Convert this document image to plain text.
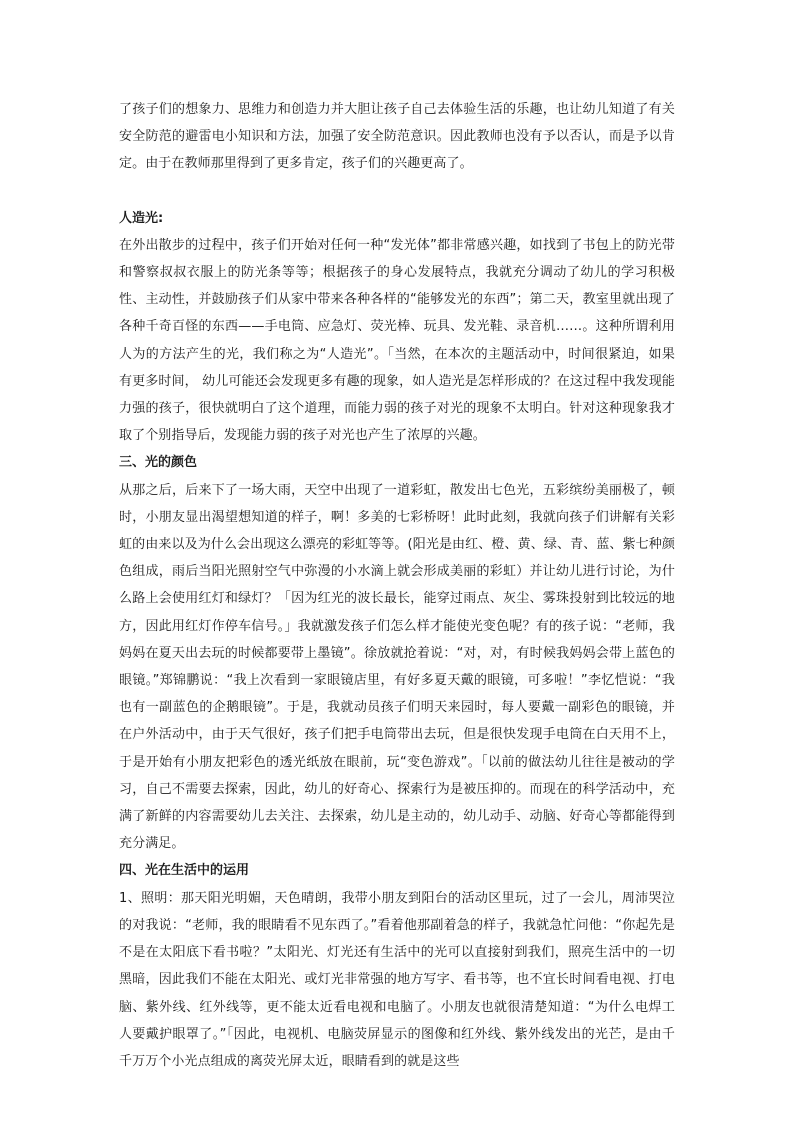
了孩子们的想象力、思维力和创造力并大胆让孩子自己去体验生活的乐趣，也让幼儿知道了有关安全防范的避雷电小知识和方法，加强了安全防范意识。因此教师也没有予以否认，而是予以肯定。由于在教师那里得到了更多肯定，孩子们的兴趣更高了。

人造光:

在外出散步的过程中，孩子们开始对任何一种“发光体”都非常感兴趣，如找到了书包上的防光带和警察叔叔衣服上的防光条等等；根据孩子的身心发展特点，我就充分调动了幼儿的学习积极性、主动性，并鼓励孩子们从家中带来各种各样的“能够发光的东西”；第二天，教室里就出现了各种千奇百怪的东西——手电筒、应急灯、荧光棒、玩具、发光鞋、录音机……。这种所谓利用人为的方法产生的光，我们称之为“人造光”。「当然，在本次的主题活动中，时间很紧迫，如果有更多时间， 幼儿可能还会发现更多有趣的现象，如人造光是怎样形成的？在这过程中我发现能力强的孩子，很快就明白了这个道理，而能力弱的孩子对光的现象不太明白。针对这种现象我才取了个别指导后，发现能力弱的孩子对光也产生了浓厚的兴趣。

三、光的颜色

从那之后，后来下了一场大雨，天空中出现了一道彩虹，散发出七色光，五彩缤纷美丽极了，顿时，小朋友显出渴望想知道的样子，啊！多美的七彩桥呀！此时此刻，我就向孩子们讲解有关彩虹的由来以及为什么会出现这么漂亮的彩虹等等。(阳光是由红、橙、黄、绿、青、蓝、紫七种颜色组成，雨后当阳光照射空气中弥漫的小水滴上就会形成美丽的彩虹）并让幼儿进行讨论，为什么路上会使用红灯和绿灯？「因为红光的波长最长，能穿过雨点、灰尘、雾珠投射到比较远的地方，因此用红灯作停车信号。」我就激发孩子们怎么样才能使光变色呢？有的孩子说：“老师，我妈妈在夏天出去玩的时候都要带上墨镜”。徐放就抢着说：“对，对，有时候我妈妈会带上蓝色的眼镜。”郑锦鹏说：“我上次看到一家眼镜店里，有好多夏天戴的眼镜，可多啦！”李忆恺说：“我也有一副蓝色的企鹅眼镜”。于是，我就动员孩子们明天来园时，每人要戴一副彩色的眼镜，并在户外活动中，由于天气很好，孩子们把手电筒带出去玩，但是很快发现手电筒在白天用不上，于是开始有小朋友把彩色的透光纸放在眼前，玩“变色游戏”。「以前的做法幼儿往往是被动的学习，自己不需要去探索，因此，幼儿的好奇心、探索行为是被压抑的。而现在的科学活动中，充满了新鲜的内容需要幼儿去关注、去探索，幼儿是主动的，幼儿动手、动脑、好奇心等都能得到充分满足。

四、光在生活中的运用

1、照明：那天阳光明媚，天色晴朗，我带小朋友到阳台的活动区里玩，过了一会儿，周沛哭泣的对我说：“老师，我的眼睛看不见东西了。”看着他那副着急的样子，我就急忙问他：“你起先是不是在太阳底下看书啦？”太阳光、灯光还有生活中的光可以直接射到我们，照亮生活中的一切黑暗，因此我们不能在太阳光、或灯光非常强的地方写字、看书等，也不宜长时间看电视、打电脑、紫外线、红外线等，更不能太近看电视和电脑了。小朋友也就很清楚知道：“为什么电焊工人要戴护眼罩了。”「因此，电视机、电脑荧屏显示的图像和红外线、紫外线发出的光芒，是由千千万万个小光点组成的离荧光屏太近，眼睛看到的就是这些
